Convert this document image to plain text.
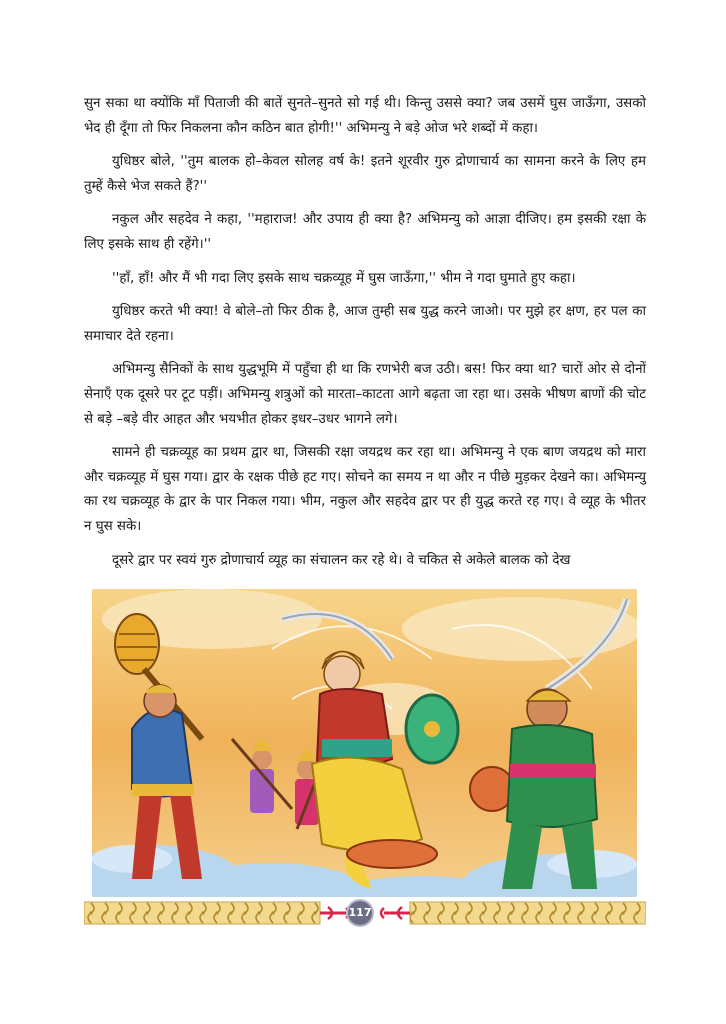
सुन सका था क्योंकि माँ पिताजी की बातें सुनते–सुनते सो गई थी। किन्तु उससे क्या? जब उसमें घुस जाऊँगा, उसको भेद ही दूँगा तो फिर निकलना कौन कठिन बात होगी!'' अभिमन्यु ने बड़े ओज भरे शब्दों में कहा।

युधिष्ठर बोले, ''तुम बालक हो–केवल सोलह वर्ष के! इतने शूरवीर गुरु द्रोणाचार्य का सामना करने के लिए हम तुम्हें कैसे भेज सकते हैं?''

नकुल और सहदेव ने कहा, ''महाराज! और उपाय ही क्या है? अभिमन्यु को आज्ञा दीजिए। हम इसकी रक्षा के लिए इसके साथ ही रहेंगे।''

''हाँ, हाँ! और मैं भी गदा लिए इसके साथ चक्रव्यूह में घुस जाऊँगा,'' भीम ने गदा घुमाते हुए कहा।

युधिष्ठर करते भी क्या! वे बोले–तो फिर ठीक है, आज तुम्ही सब युद्ध करने जाओ। पर मुझे हर क्षण, हर पल का समाचार देते रहना।

अभिमन्यु सैनिकों के साथ युद्धभूमि में पहुँचा ही था कि रणभेरी बज उठी। बस! फिर क्या था? चारों ओर से दोनों सेनाएँ एक दूसरे पर टूट पड़ीं। अभिमन्यु शत्रुओं को मारता–काटता आगे बढ़ता जा रहा था। उसके भीषण बाणों की चोट से बड़े –बड़े वीर आहत और भयभीत होकर इधर–उधर भागने लगे।

सामने ही चक्रव्यूह का प्रथम द्वार था, जिसकी रक्षा जयद्रथ कर रहा था। अभिमन्यु ने एक बाण जयद्रथ को मारा और चक्रव्यूह में घुस गया। द्वार के रक्षक पीछे हट गए। सोचने का समय न था और न पीछे मुड़कर देखने का। अभिमन्यु का रथ चक्रव्यूह के द्वार के पार निकल गया। भीम, नकुल और सहदेव द्वार पर ही युद्ध करते रह गए। वे व्यूह के भीतर न घुस सके।

दूसरे द्वार पर स्वयं गुरु द्रोणाचार्य व्यूह का संचालन कर रहे थे। वे चकित से अकेले बालक को देख

117
